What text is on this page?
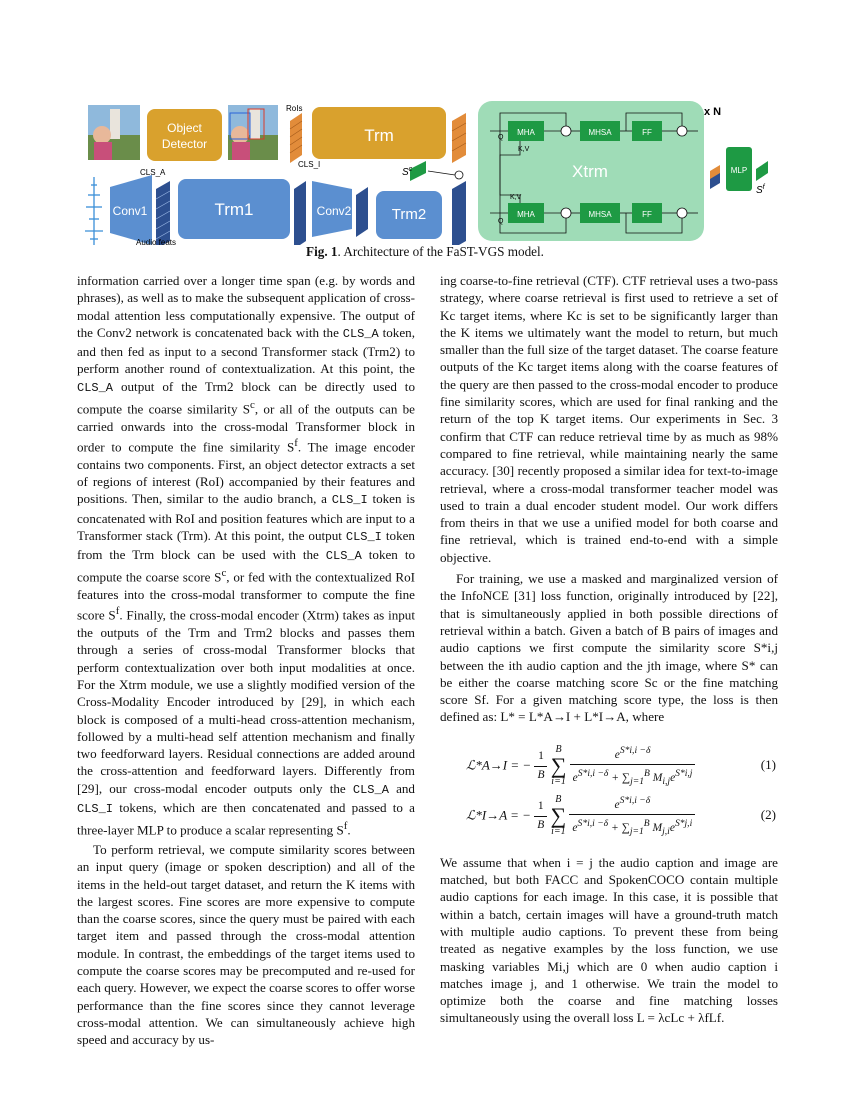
Object
Detector
RoIs
CLS_I
Trm
Conv1
CLS_A
Audio feats
Trm1	Conv2	Trm2
$S^c$	Xtrm
x N
MHA	MHSA	FF
Q
K,V
MHA	MHSA	FF
Q
K,V
MLP
$S^f$
Fig. 1. Architecture of the FaST-VGS model.

information carried over a longer time span (e.g. by words and phrases), as well as to make the subsequent application of cross-modal attention less computationally expensive. The output of the Conv2 network is concatenated back with the CLS_A token, and then fed as input to a second Transformer stack (Trm2) to perform another round of contextualization. At this point, the CLS_A output of the Trm2 block can be directly used to compute the coarse similarity $S^c$, or all of the outputs can be carried onwards into the cross-modal Transformer block in order to compute the fine similarity $S^f$. The image encoder contains two components. First, an object detector extracts a set of regions of interest (RoI) accompanied by their features and positions. Then, similar to the audio branch, a CLS_I token is concatenated with RoI and position features which are input to a Transformer stack (Trm). At this point, the output CLS_I token from the Trm block can be used with the CLS_A token to compute the coarse score $S^c$, or fed with the contextualized RoI features into the cross-modal transformer to compute the fine score $S^f$. Finally, the cross-modal encoder (Xtrm) takes as input the outputs of the Trm and Trm2 blocks and passes them through a series of cross-modal Transformer blocks that perform contextualization over both input modalities at once. For the Xtrm module, we use a slightly modified version of the Cross-Modality Encoder introduced by [29], in which each block is composed of a multi-head cross-attention mechanism, followed by a multi-head self attention mechanism and finally two feedforward layers. Residual connections are added around the cross-attention and feedforward layers. Differently from [29], our cross-modal encoder outputs only the CLS_A and CLS_I tokens, which are then concatenated and passed to a three-layer MLP to produce a scalar representing $S^f$.

To perform retrieval, we compute similarity scores between an input query (image or spoken description) and all of the items in the held-out target dataset, and return the K items with the largest scores. Fine scores are more expensive to compute than the coarse scores, since the query must be paired with each target item and passed through the cross-modal attention module. In contrast, the embeddings of the target items used to compute the coarse scores may be precomputed and re-used for each query. However, we expect the coarse scores to offer worse performance than the fine scores since they cannot leverage cross-modal attention. We can simultaneously achieve high speed and accuracy by us-

ing coarse-to-fine retrieval (CTF). CTF retrieval uses a two-pass strategy, where coarse retrieval is first used to retrieve a set of Kc target items, where Kc is set to be significantly larger than the K items we ultimately want the model to return, but much smaller than the full size of the target dataset. The coarse feature outputs of the Kc target items along with the coarse features of the query are then passed to the cross-modal encoder to produce fine similarity scores, which are used for final ranking and the return of the top K target items. Our experiments in Sec. 3 confirm that CTF can reduce retrieval time by as much as 98% compared to fine retrieval, while maintaining nearly the same accuracy. [30] recently proposed a similar idea for text-to-image retrieval, where a cross-modal transformer teacher model was used to train a dual encoder student model. Our work differs from theirs in that we use a unified model for both coarse and fine retrieval, which is trained end-to-end with a simple objective.

For training, we use a masked and marginalized version of the InfoNCE [31] loss function, originally introduced by [22], that is simultaneously applied in both possible directions of retrieval within a batch. Given a batch of B pairs of images and audio captions we first compute the similarity score S*i,j between the ith audio caption and the jth image, where S* can be either the coarse matching score Sc or the fine matching score Sf. For a given matching score type, the loss is then defined as: L* = L*A→I + L*I→A, where

ℒ*A→I = − $\frac{1}{B}$ B
∑
$i=1 \frac{e^{S*i,i -\delta}}{e^{S*i,i -\delta} + \sum_{j=1}^B M_{i,j}e^{S*i,j}}$	(1)
ℒ*I→A = − $\frac{1}{B}$ B
∑
$i=1 \frac{e^{S*i,i -\delta}}{e^{S*i,i -\delta} + \sum_{j=1}^B M_{j,i}e^{S*j,i}}$	(2)

We assume that when i = j the audio caption and image are matched, but both FACC and SpokenCOCO contain multiple audio captions for each image. In this case, it is possible that within a batch, certain images will have a ground-truth match with multiple audio captions. To prevent these from being treated as negative examples by the loss function, we use masking variables Mi,j which are 0 when audio caption i matches image j, and 1 otherwise. We train the model to optimize both the coarse and fine matching losses simultaneously using the overall loss L = λcLc + λfLf.
